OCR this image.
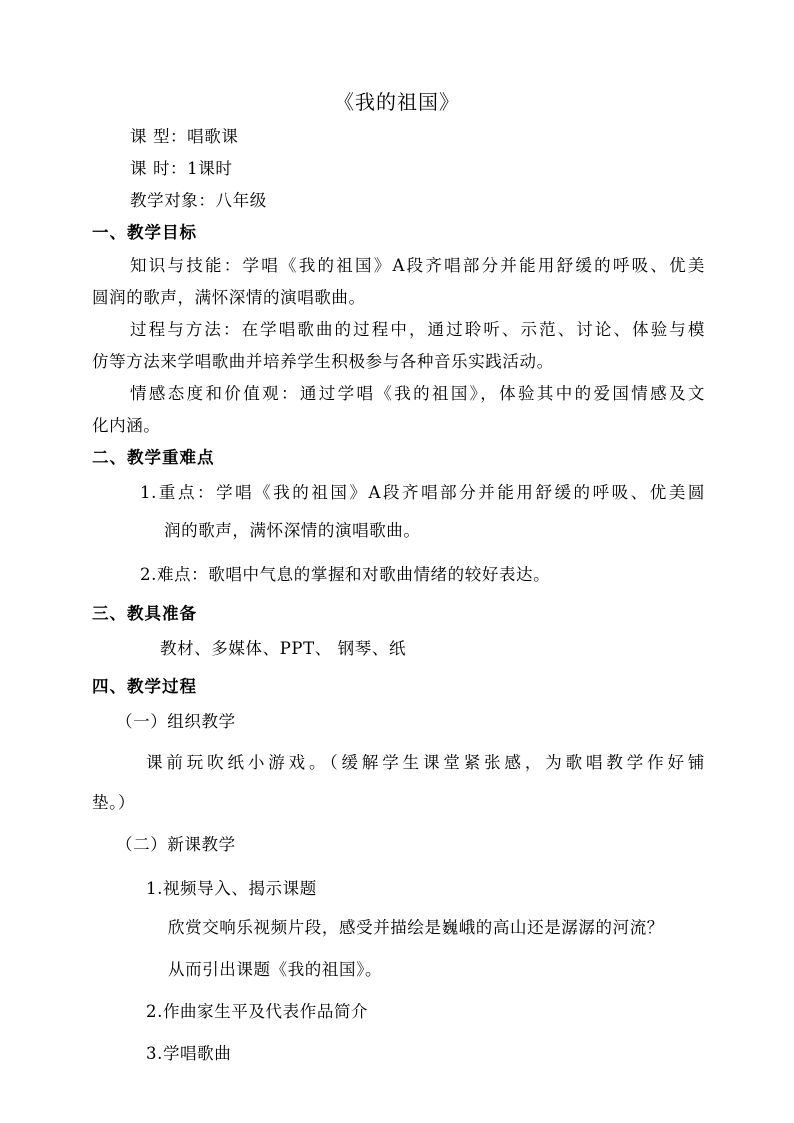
《我的祖国》
课 型：唱歌课
课 时：1课时
教学对象：八年级
一、教学目标
知识与技能：学唱《我的祖国》A段齐唱部分并能用舒缓的呼吸、优美
圆润的歌声，满怀深情的演唱歌曲。
过程与方法：在学唱歌曲的过程中，通过聆听、示范、讨论、体验与模
仿等方法来学唱歌曲并培养学生积极参与各种音乐实践活动。
情感态度和价值观：通过学唱《我的祖国》，体验其中的爱国情感及文
化内涵。
二、教学重难点
1.重点：学唱《我的祖国》A段齐唱部分并能用舒缓的呼吸、优美圆
润的歌声，满怀深情的演唱歌曲。
2.难点：歌唱中气息的掌握和对歌曲情绪的较好表达。
三、教具准备
教材、多媒体、PPT、 钢琴、纸
四、教学过程
（一）组织教学
课前玩吹纸小游戏。（缓解学生课堂紧张感，为歌唱教学作好铺
垫。）
（二）新课教学
1.视频导入、揭示课题
欣赏交响乐视频片段，感受并描绘是巍峨的高山还是潺潺的河流？
从而引出课题《我的祖国》。
2.作曲家生平及代表作品简介
3.学唱歌曲
